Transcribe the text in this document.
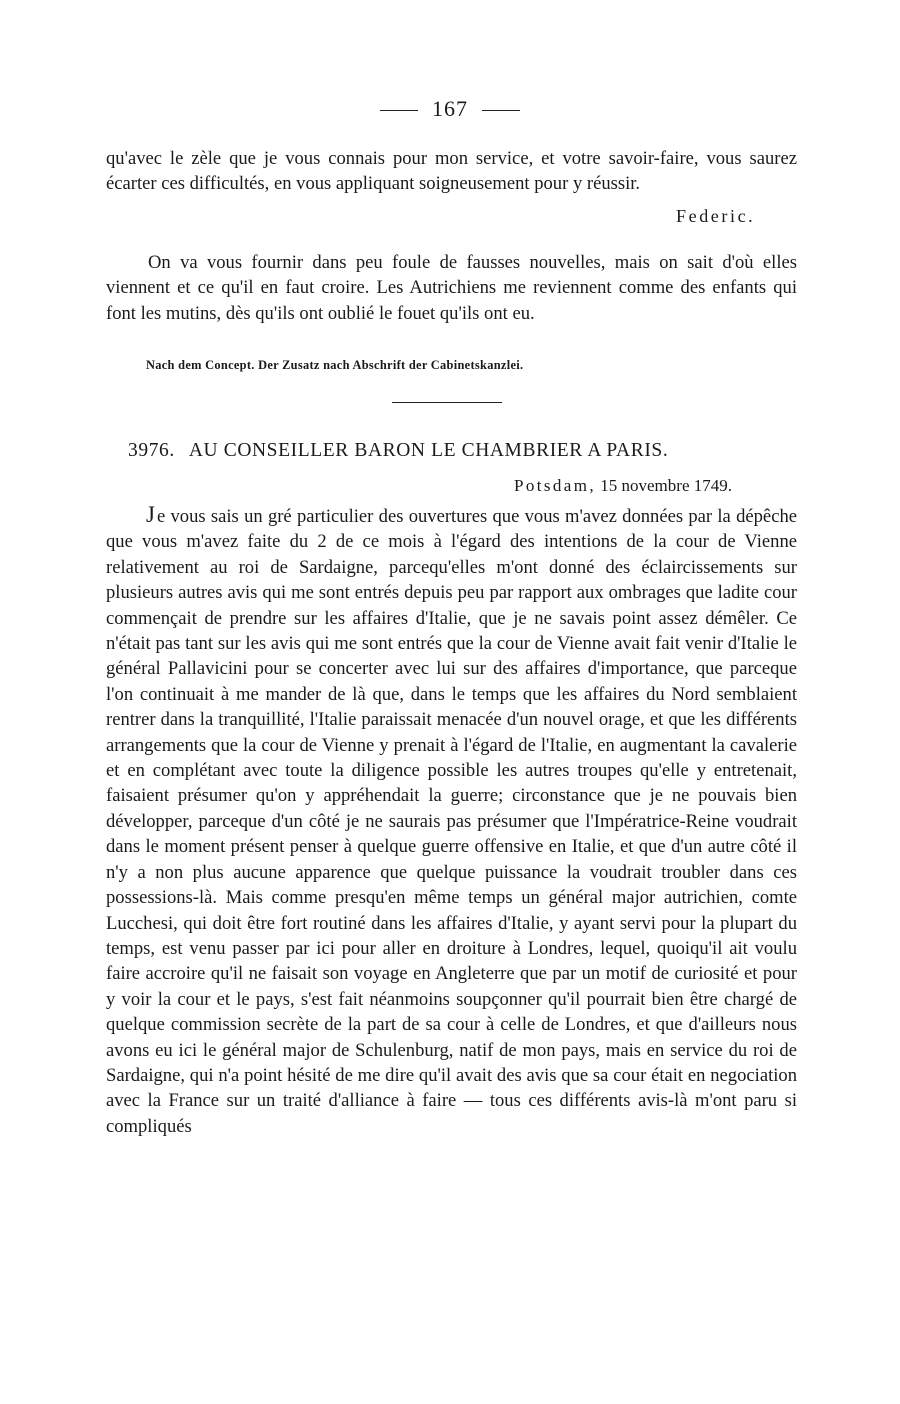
167
qu'avec le zèle que je vous connais pour mon service, et votre savoir-faire, vous saurez écarter ces difficultés, en vous appliquant soigneusement pour y réussir.
Federic.
On va vous fournir dans peu foule de fausses nouvelles, mais on sait d'où elles viennent et ce qu'il en faut croire. Les Autrichiens me reviennent comme des enfants qui font les mutins, dès qu'ils ont oublié le fouet qu'ils ont eu.
Nach dem Concept. Der Zusatz nach Abschrift der Cabinetskanzlei.
3976. AU CONSEILLER BARON LE CHAMBRIER A PARIS.
Potsdam, 15 novembre 1749.
J e vous sais un gré particulier des ouvertures que vous m'avez données par la dépêche que vous m'avez faite du 2 de ce mois à l'égard des intentions de la cour de Vienne relativement au roi de Sardaigne, parcequ'elles m'ont donné des éclaircissements sur plusieurs autres avis qui me sont entrés depuis peu par rapport aux ombrages que ladite cour commençait de prendre sur les affaires d'Italie, que je ne savais point assez démêler. Ce n'était pas tant sur les avis qui me sont entrés que la cour de Vienne avait fait venir d'Italie le général Pallavicini pour se concerter avec lui sur des affaires d'importance, que parceque l'on continuait à me mander de là que, dans le temps que les affaires du Nord semblaient rentrer dans la tranquillité, l'Italie paraissait menacée d'un nouvel orage, et que les différents arrangements que la cour de Vienne y prenait à l'égard de l'Italie, en augmentant la cavalerie et en complétant avec toute la diligence possible les autres troupes qu'elle y entretenait, faisaient présumer qu'on y appréhendait la guerre; circonstance que je ne pouvais bien développer, parceque d'un côté je ne saurais pas présumer que l'Impératrice-Reine voudrait dans le moment présent penser à quelque guerre offensive en Italie, et que d'un autre côté il n'y a non plus aucune apparence que quelque puissance la voudrait troubler dans ces possessions-là. Mais comme presqu'en même temps un général major autrichien, comte Lucchesi, qui doit être fort routiné dans les affaires d'Italie, y ayant servi pour la plupart du temps, est venu passer par ici pour aller en droiture à Londres, lequel, quoiqu'il ait voulu faire accroire qu'il ne faisait son voyage en Angleterre que par un motif de curiosité et pour y voir la cour et le pays, s'est fait néanmoins soupçonner qu'il pourrait bien être chargé de quelque commission secrète de la part de sa cour à celle de Londres, et que d'ailleurs nous avons eu ici le général major de Schulenburg, natif de mon pays, mais en service du roi de Sardaigne, qui n'a point hésité de me dire qu'il avait des avis que sa cour était en negociation avec la France sur un traité d'alliance à faire — tous ces différents avis-là m'ont paru si compliqués
